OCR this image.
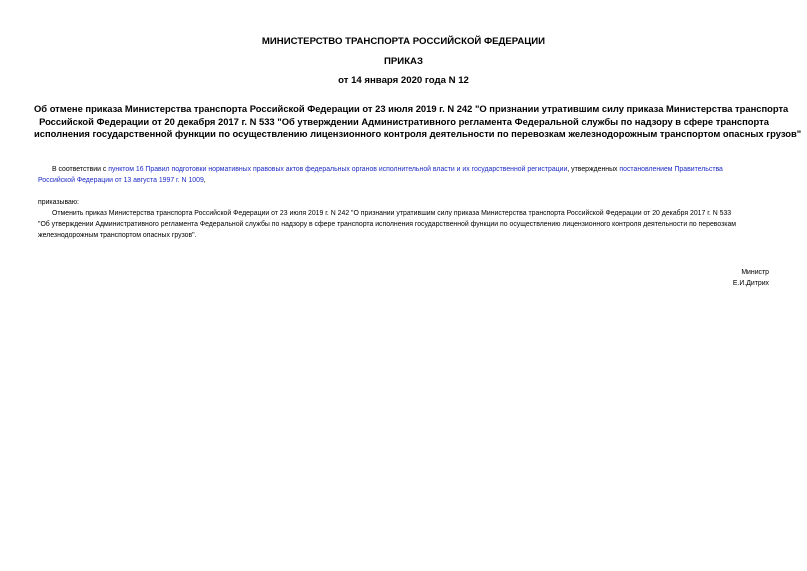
МИНИСТЕРСТВО ТРАНСПОРТА РОССИЙСКОЙ ФЕДЕРАЦИИ
ПРИКАЗ
от 14 января 2020 года N 12
Об отмене приказа Министерства транспорта Российской Федерации от 23 июля 2019 г. N 242 "О признании утратившим силу приказа Министерства транспорта
Российской Федерации от 20 декабря 2017 г. N 533 "Об утверждении Административного регламента Федеральной службы по надзору в сфере транспорта
исполнения государственной функции по осуществлению лицензионного контроля деятельности по перевозкам железнодорожным транспортом опасных грузов"
В соответствии с пунктом 16 Правил подготовки нормативных правовых актов федеральных органов исполнительной власти и их государственной регистрации, утвержденных постановлением Правительства
Российской Федерации от 13 августа 1997 г. N 1009,
приказываю:
Отменить приказ Министерства транспорта Российской Федерации от 23 июля 2019 г. N 242 "О признании утратившим силу приказа Министерства транспорта Российской Федерации от 20 декабря 2017 г. N 533
"Об утверждении Административного регламента Федеральной службы по надзору в сфере транспорта исполнения государственной функции по осуществлению лицензионного контроля деятельности по перевозкам
железнодорожным транспортом опасных грузов".
Министр
Е.И.Дитрих
